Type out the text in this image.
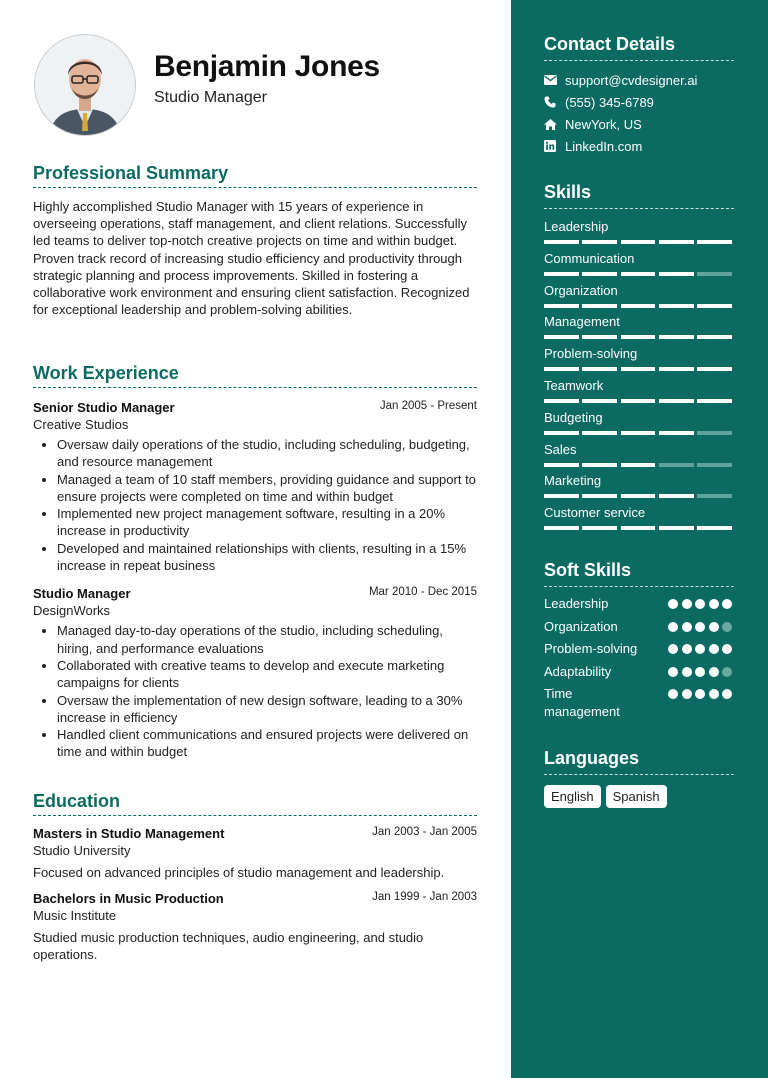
Benjamin Jones
Studio Manager
Professional Summary
Highly accomplished Studio Manager with 15 years of experience in overseeing operations, staff management, and client relations. Successfully led teams to deliver top-notch creative projects on time and within budget. Proven track record of increasing studio efficiency and productivity through strategic planning and process improvements. Skilled in fostering a collaborative work environment and ensuring client satisfaction. Recognized for exceptional leadership and problem-solving abilities.
Work Experience
Senior Studio Manager	Jan 2005 - Present
Creative Studios
• Oversaw daily operations of the studio, including scheduling, budgeting, and resource management
• Managed a team of 10 staff members, providing guidance and support to ensure projects were completed on time and within budget
• Implemented new project management software, resulting in a 20% increase in productivity
• Developed and maintained relationships with clients, resulting in a 15% increase in repeat business
Studio Manager	Mar 2010 - Dec 2015
DesignWorks
• Managed day-to-day operations of the studio, including scheduling, hiring, and performance evaluations
• Collaborated with creative teams to develop and execute marketing campaigns for clients
• Oversaw the implementation of new design software, leading to a 30% increase in efficiency
• Handled client communications and ensured projects were delivered on time and within budget
Education
Masters in Studio Management	Jan 2003 - Jan 2005
Studio University
Focused on advanced principles of studio management and leadership.
Bachelors in Music Production	Jan 1999 - Jan 2003
Music Institute
Studied music production techniques, audio engineering, and studio operations.
Contact Details
support@cvdesigner.ai
(555) 345-6789
NewYork, US
LinkedIn.com
Skills
Leadership
Communication
Organization
Management
Problem-solving
Teamwork
Budgeting
Sales
Marketing
Customer service
Soft Skills
Leadership
Organization
Problem-solving
Adaptability
Time management
Languages
English	Spanish
